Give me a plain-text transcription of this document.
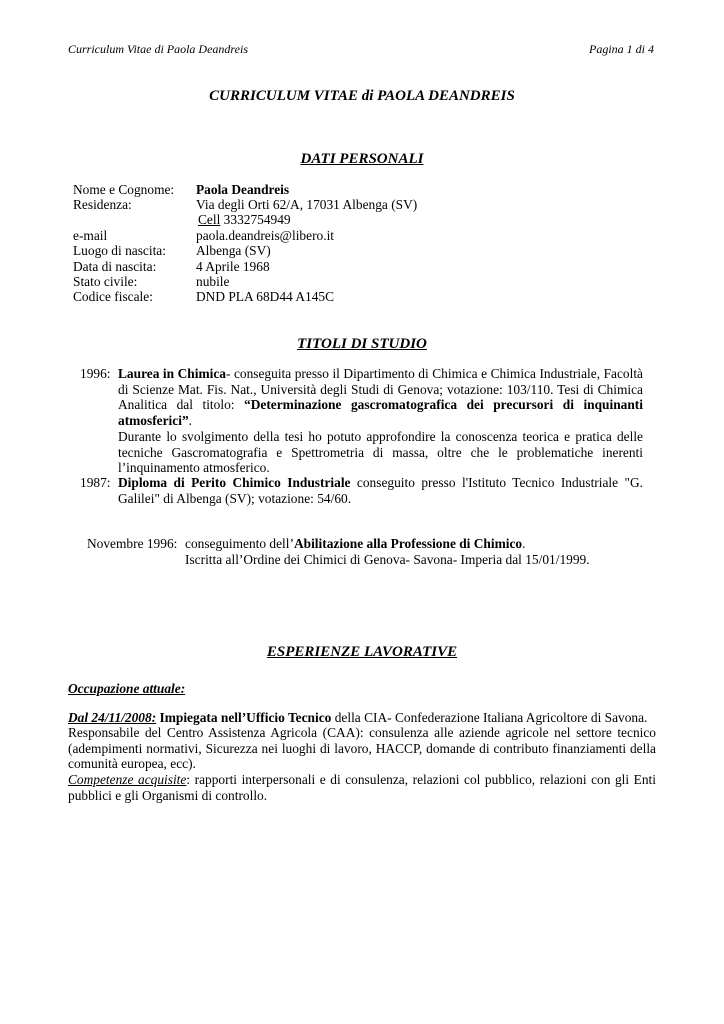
Curriculum Vitae di Paola Deandreis	Pagina 1 di 4
CURRICULUM VITAE di PAOLA DEANDREIS
DATI PERSONALI
Nome e Cognome: Paola Deandreis
Residenza:	Via degli Orti 62/A, 17031 Albenga (SV)
Cell 3332754949
e-mail	paola.deandreis@libero.it
Luogo di nascita: Albenga (SV)
Data di nascita:	4 Aprile 1968
Stato civile:	nubile
Codice fiscale:	DND PLA 68D44 A145C
TITOLI DI STUDIO
1996: Laurea in Chimica- conseguita presso il Dipartimento di Chimica e Chimica Industriale, Facoltà di Scienze Mat. Fis. Nat., Università degli Studi di Genova; votazione: 103/110. Tesi di Chimica Analitica dal titolo: “Determinazione gascromatografica dei precursori di inquinanti atmosferici”.
Durante lo svolgimento della tesi ho potuto approfondire la conoscenza teorica e pratica delle tecniche Gascromatografia e Spettrometria di massa, oltre che le problematiche inerenti l’inquinamento atmosferico.
1987: Diploma di Perito Chimico Industriale conseguito presso l'Istituto Tecnico Industriale "G. Galilei" di Albenga (SV); votazione: 54/60.
Novembre 1996: conseguimento dell’Abilitazione alla Professione di Chimico.
Iscritta all’Ordine dei Chimici di Genova- Savona- Imperia dal 15/01/1999.
ESPERIENZE LAVORATIVE
Occupazione attuale:
Dal 24/11/2008: Impiegata nell’Ufficio Tecnico della CIA- Confederazione Italiana Agricoltore di Savona.
Responsabile del Centro Assistenza Agricola (CAA): consulenza alle aziende agricole nel settore tecnico (adempimenti normativi, Sicurezza nei luoghi di lavoro, HACCP, domande di contributo finanziamenti della comunità europea, ecc).
Competenze acquisite: rapporti interpersonali e di consulenza, relazioni col pubblico, relazioni con gli Enti pubblici e gli Organismi di controllo.
